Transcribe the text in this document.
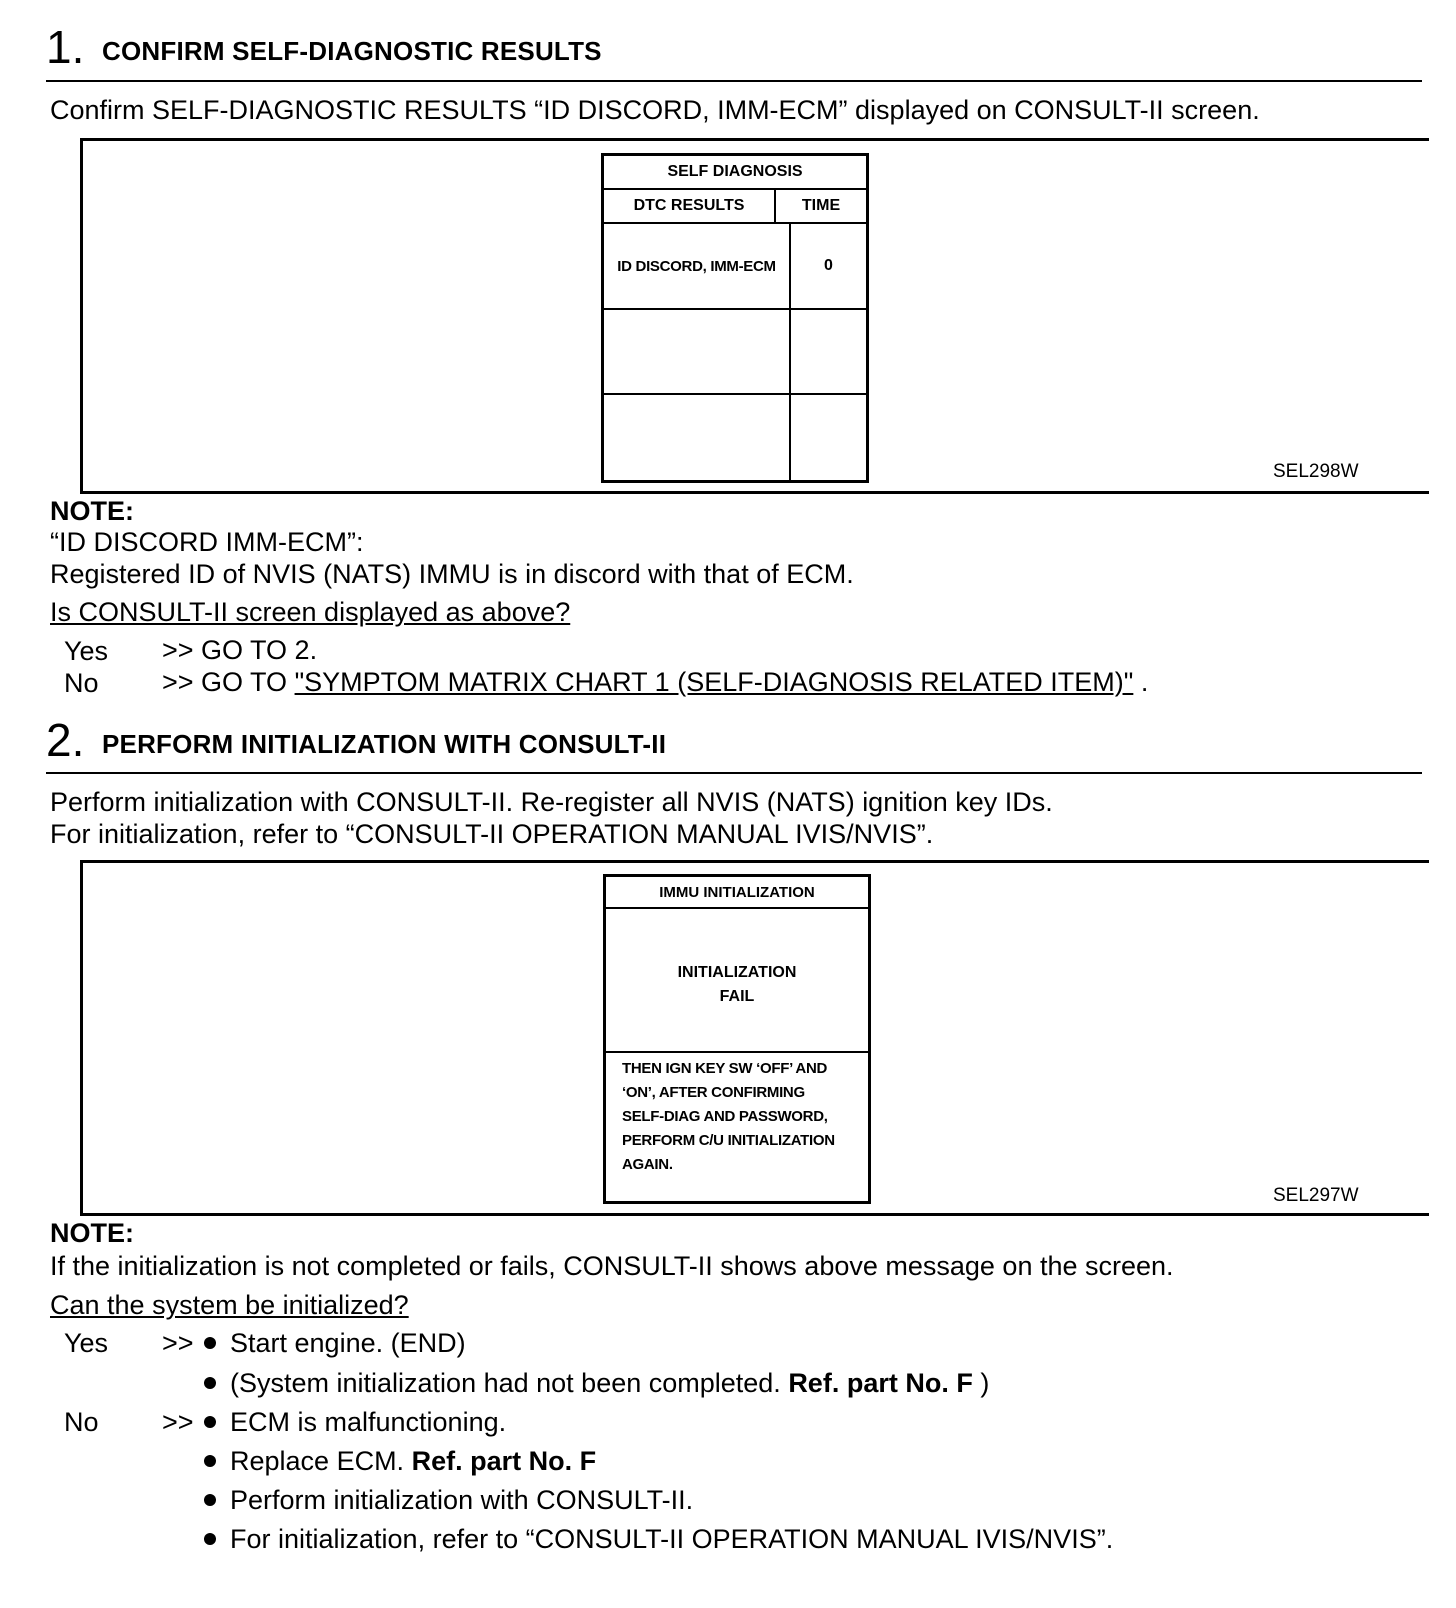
1. CONFIRM SELF-DIAGNOSTIC RESULTS
Confirm SELF-DIAGNOSTIC RESULTS “ID DISCORD, IMM-ECM” displayed on CONSULT-II screen.
SELF DIAGNOSIS
DTC RESULTS	TIME
ID DISCORD, IMM-ECM	0
SEL298W
NOTE:
“ID DISCORD IMM-ECM”:
Registered ID of NVIS (NATS) IMMU is in discord with that of ECM.
Is CONSULT-II screen displayed as above?
Yes >> GO TO 2.
No >> GO TO "SYMPTOM MATRIX CHART 1 (SELF-DIAGNOSIS RELATED ITEM)" .
2. PERFORM INITIALIZATION WITH CONSULT-II
Perform initialization with CONSULT-II. Re-register all NVIS (NATS) ignition key IDs.
For initialization, refer to “CONSULT-II OPERATION MANUAL IVIS/NVIS”.
IMMU INITIALIZATION
INITIALIZATION
FAIL
THEN IGN KEY SW ‘OFF’ AND
‘ON’, AFTER CONFIRMING
SELF-DIAG AND PASSWORD,
PERFORM C/U INITIALIZATION
AGAIN.
SEL297W
NOTE:
If the initialization is not completed or fails, CONSULT-II shows above message on the screen.
Can the system be initialized?
Yes >>	Start engine. (END)
(System initialization had not been completed. Ref. part No. F )
No >>	ECM is malfunctioning.
Replace ECM. Ref. part No. F
Perform initialization with CONSULT-II.
For initialization, refer to “CONSULT-II OPERATION MANUAL IVIS/NVIS”.
